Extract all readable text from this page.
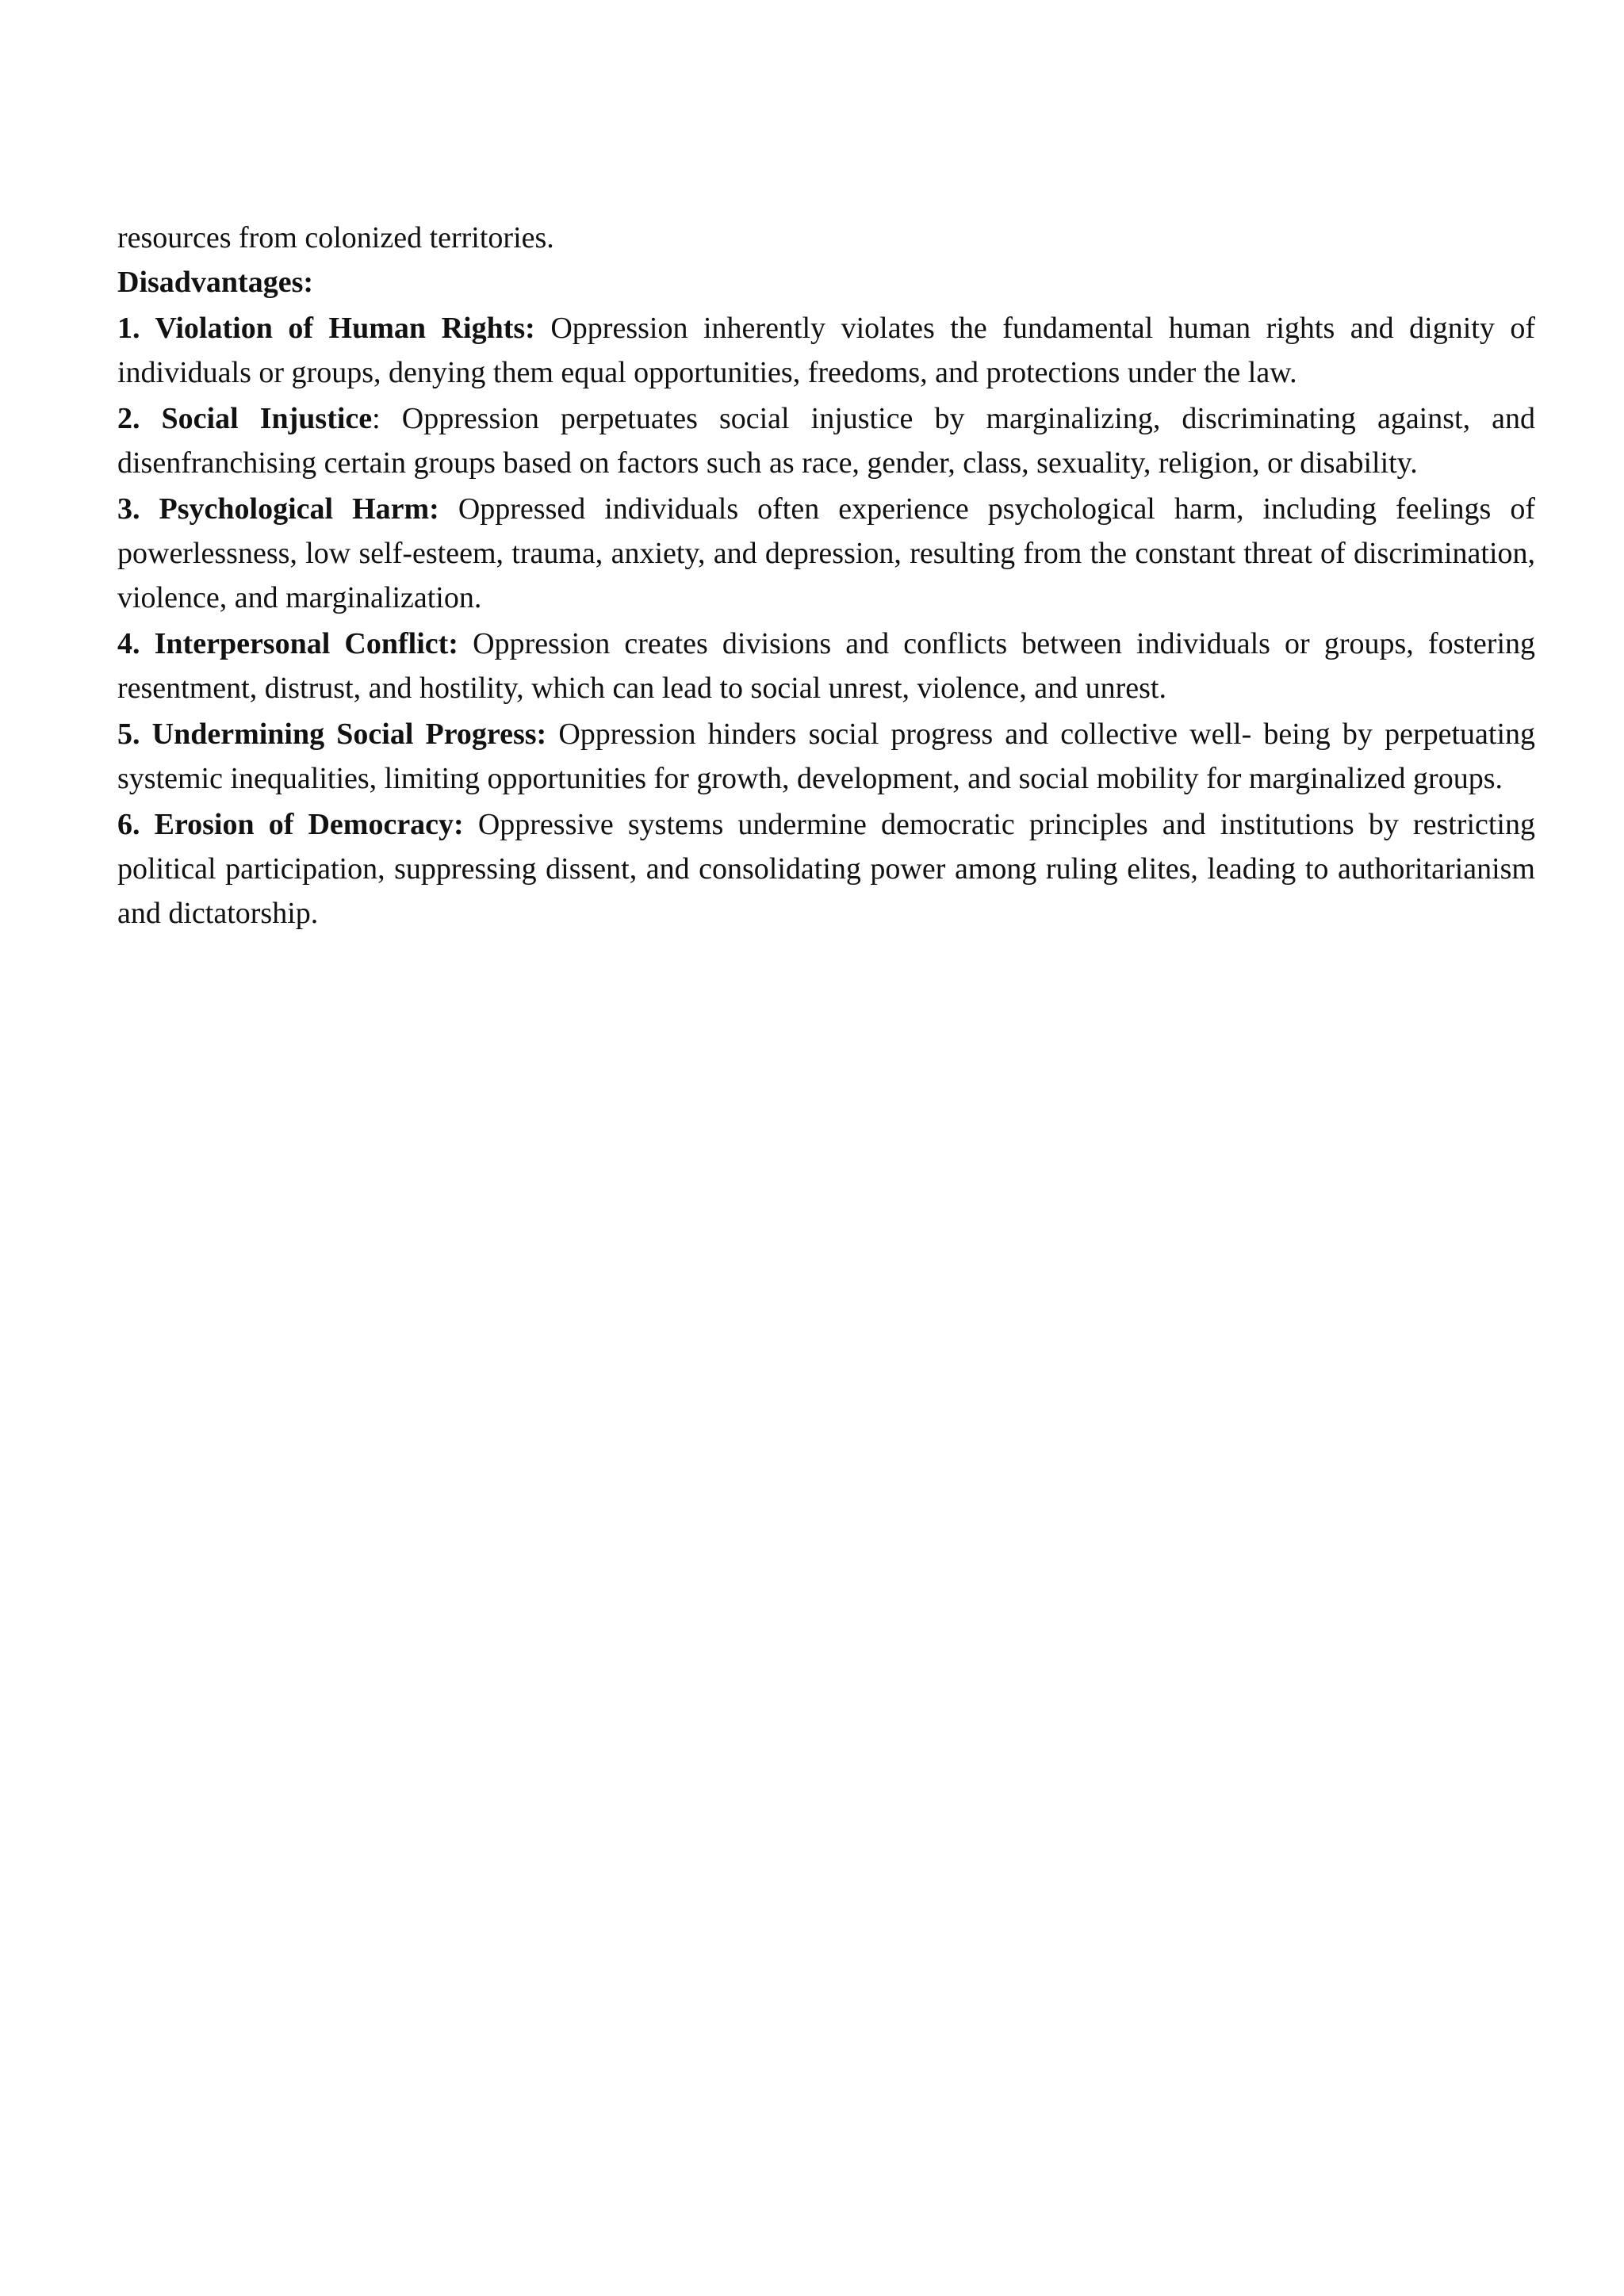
resources from colonized territories.

Disadvantages:

1. Violation of Human Rights: Oppression inherently violates the fundamental human rights and dignity of individuals or groups, denying them equal opportunities, freedoms, and protections under the law.

2. Social Injustice: Oppression perpetuates social injustice by marginalizing, discriminating against, and disenfranchising certain groups based on factors such as race, gender, class, sexuality, religion, or disability.

3. Psychological Harm: Oppressed individuals often experience psychological harm, including feelings of powerlessness, low self-esteem, trauma, anxiety, and depression, resulting from the constant threat of discrimination, violence, and marginalization.

4. Interpersonal Conflict: Oppression creates divisions and conflicts between individuals or groups, fostering resentment, distrust, and hostility, which can lead to social unrest, violence, and unrest.

5. Undermining Social Progress: Oppression hinders social progress and collective well- being by perpetuating systemic inequalities, limiting opportunities for growth, development, and social mobility for marginalized groups.

6. Erosion of Democracy: Oppressive systems undermine democratic principles and institutions by restricting political participation, suppressing dissent, and consolidating power among ruling elites, leading to authoritarianism and dictatorship.
